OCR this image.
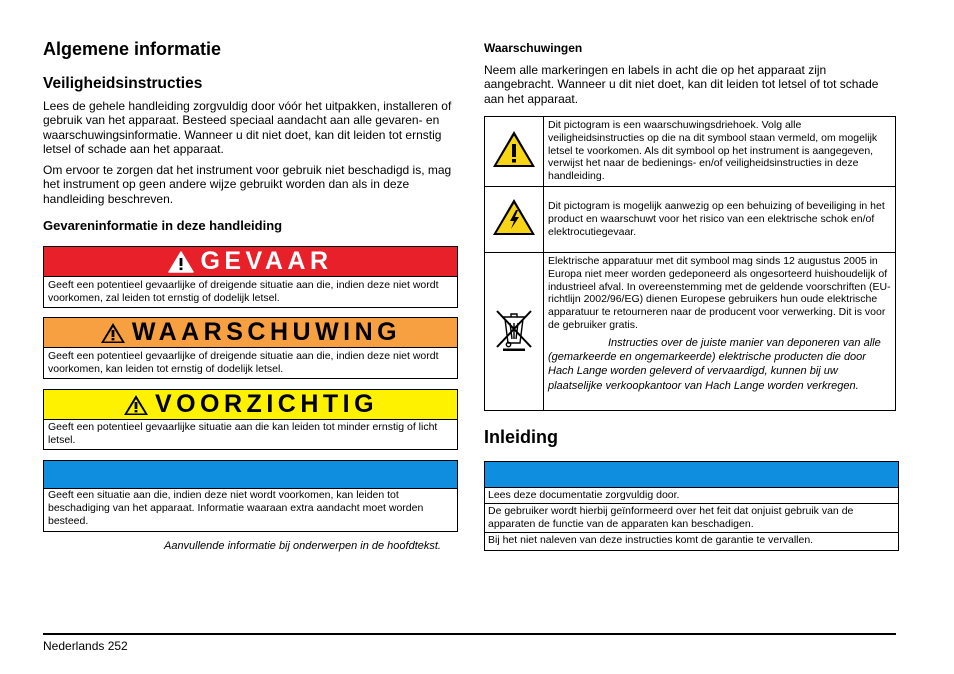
Algemene informatie
Veiligheidsinstructies

Lees de gehele handleiding zorgvuldig door vóór het uitpakken, installeren of gebruik van het apparaat. Besteed speciaal aandacht aan alle gevaren- en waarschuwingsinformatie. Wanneer u dit niet doet, kan dit leiden tot ernstig letsel of schade aan het apparaat.

Om ervoor te zorgen dat het instrument voor gebruik niet beschadigd is, mag het instrument op geen andere wijze gebruikt worden dan als in deze handleiding beschreven.

Gevareninformatie in deze handleiding
GEVAAR
Geeft een potentieel gevaarlijke of dreigende situatie aan die, indien deze niet wordt voorkomen, zal leiden tot ernstig of dodelijk letsel.
WAARSCHUWING
Geeft een potentieel gevaarlijke of dreigende situatie aan die, indien deze niet wordt voorkomen, kan leiden tot ernstig of dodelijk letsel.
VOORZICHTIG
Geeft een potentieel gevaarlijke situatie aan die kan leiden tot minder ernstig of licht letsel.
Geeft een situatie aan die, indien deze niet wordt voorkomen, kan leiden tot beschadiging van het apparaat. Informatie waaraan extra aandacht moet worden besteed.
Aanvullende informatie bij onderwerpen in de hoofdtekst.
Waarschuwingen

Neem alle markeringen en labels in acht die op het apparaat zijn aangebracht. Wanneer u dit niet doet, kan dit leiden tot letsel of tot schade aan het apparaat.

	Dit pictogram is een waarschuwingsdriehoek. Volg alle veiligheidsinstructies op die na dit symbool staan vermeld, om mogelijk letsel te voorkomen. Als dit symbool op het instrument is aangegeven, verwijst het naar de bedienings- en/of veiligheidsinstructies in deze handleiding.
	Dit pictogram is mogelijk aanwezig op een behuizing of beveiliging in het product en waarschuwt voor het risico van een elektrische schok en/of elektrocutiegevaar.

Elektrische apparatuur met dit symbool mag sinds 12 augustus 2005 in Europa niet meer worden gedeponeerd als ongesorteerd huishoudelijk of industrieel afval. In overeenstemming met de geldende voorschriften (EU-richtlijn 2002/96/EG) dienen Europese gebruikers hun oude elektrische apparatuur te retourneren naar de producent voor verwerking. Dit is voor de gebruiker gratis.
Instructies over de juiste manier van deponeren van alle (gemarkeerde en ongemarkeerde) elektrische producten die door Hach Lange worden geleverd of vervaardigd, kunnen bij uw plaatselijke verkoopkantoor van Hach Lange worden verkregen.
Inleiding
Lees deze documentatie zorgvuldig door.
De gebruiker wordt hierbij geïnformeerd over het feit dat onjuist gebruik van de apparaten de functie van de apparaten kan beschadigen.
Bij het niet naleven van deze instructies komt de garantie te vervallen.
Nederlands 252
